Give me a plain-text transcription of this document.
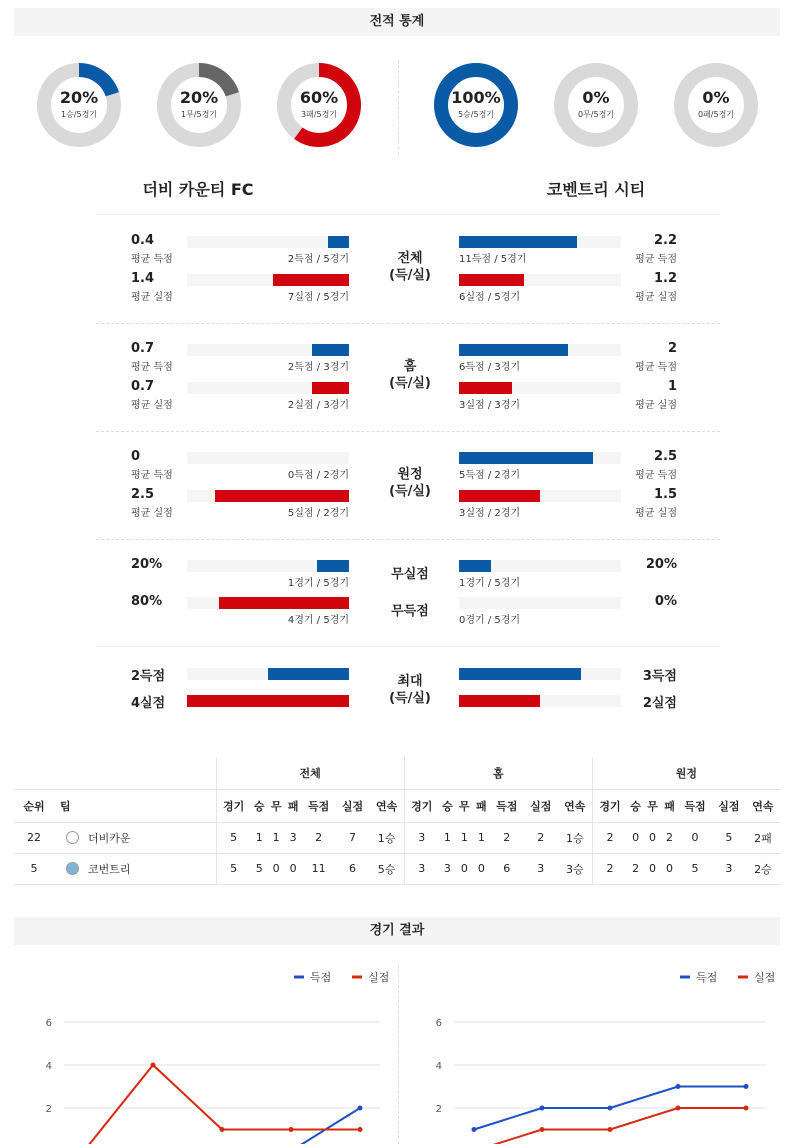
전적 통계
20%
1승/5경기
20%
1무/5경기
60%
3패/5경기
100%
5승/5경기
0%
0무/5경기
0%
0패/5경기
더비 카운티 FC	코벤트리 시티
0.4
평균 득점	2득점 / 5경기	11득점 / 5경기
2.2
평균 득점
1.4
평균 실점	7실점 / 5경기	6실점 / 5경기
1.2
평균 실점
전체
(득/실)
0.7
평균 득점	2득점 / 3경기	6득점 / 3경기
2
평균 득점
0.7
평균 실점	2실점 / 3경기	3실점 / 3경기
1
평균 실점
홈
(득/실)
0
평균 득점	0득점 / 2경기	5득점 / 2경기
2.5
평균 득점
2.5
평균 실점	5실점 / 2경기	3실점 / 2경기
1.5
평균 실점
원정
(득/실)
20%
1경기 / 5경기	1경기 / 5경기
20%
무실점
80%
4경기 / 5경기	0경기 / 5경기
0%
무득점
2득점	3득점
4실점	2실점
최대
(득/실)
		전체							홈							원정						
순위	팀	경기	승	무	패	득점	실점	연속	경기	승	무	패	득점	실점	연속	경기	승	무	패	득점	실점	연속
22	더비카운	5	1	1	3	2	7	1승	3	1	1	1	2	2	1승	2	0	0	2	0	5	2패
5	코번트리	5	5	0	0	11	6	5승	3	3	0	0	6	3	3승	2	2	0	0	5	3	2승
경기 결과
득점	실점
2
4
6
득점	실점
2
4
6
